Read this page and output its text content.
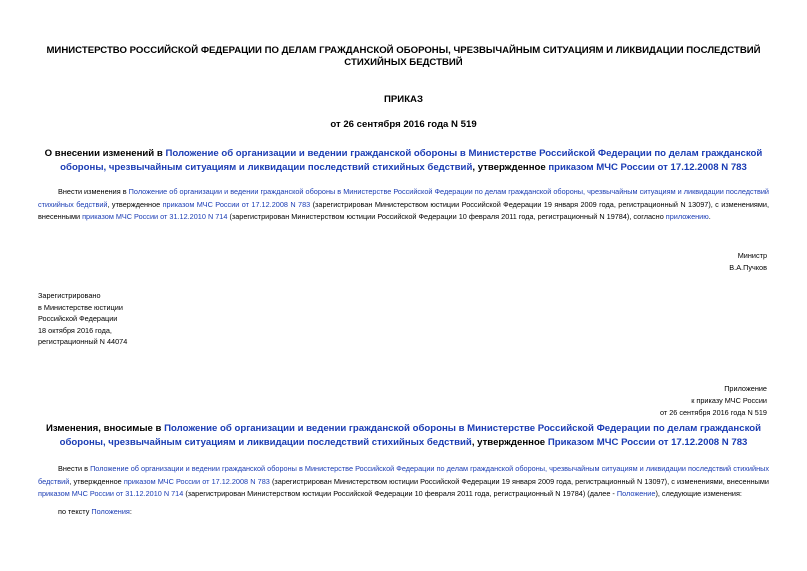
МИНИСТЕРСТВО РОССИЙСКОЙ ФЕДЕРАЦИИ ПО ДЕЛАМ ГРАЖДАНСКОЙ ОБОРОНЫ, ЧРЕЗВЫЧАЙНЫМ СИТУАЦИЯМ И ЛИКВИДАЦИИ ПОСЛЕДСТВИЙ СТИХИЙНЫХ БЕДСТВИЙ
ПРИКАЗ
от 26 сентября 2016 года N 519
О внесении изменений в Положение об организации и ведении гражданской обороны в Министерстве Российской Федерации по делам гражданской обороны, чрезвычайным ситуациям и ликвидации последствий стихийных бедствий, утвержденное приказом МЧС России от 17.12.2008 N 783
Внести изменения в Положение об организации и ведении гражданской обороны в Министерстве Российской Федерации по делам гражданской обороны, чрезвычайным ситуациям и ликвидации последствий стихийных бедствий, утвержденное приказом МЧС России от 17.12.2008 N 783 (зарегистрирован Министерством юстиции Российской Федерации 19 января 2009 года, регистрационный N 13097), с изменениями, внесенными приказом МЧС России от 31.12.2010 N 714 (зарегистрирован Министерством юстиции Российской Федерации 10 февраля 2011 года, регистрационный N 19784), согласно приложению.
Министр
В.А.Пучков
Зарегистрировано
в Министерстве юстиции
Российской Федерации
18 октября 2016 года,
регистрационный N 44074
Приложение
к приказу МЧС России
от 26 сентября 2016 года N 519
Изменения, вносимые в Положение об организации и ведении гражданской обороны в Министерстве Российской Федерации по делам гражданской обороны, чрезвычайным ситуациям и ликвидации последствий стихийных бедствий, утвержденное Приказом МЧС России от 17.12.2008 N 783
Внести в Положение об организации и ведении гражданской обороны в Министерстве Российской Федерации по делам гражданской обороны, чрезвычайным ситуациям и ликвидации последствий стихийных бедствий, утвержденное приказом МЧС России от 17.12.2008 N 783 (зарегистрирован Министерством юстиции Российской Федерации 19 января 2009 года, регистрационный N 13097), с изменениями, внесенными приказом МЧС России от 31.12.2010 N 714 (зарегистрирован Министерством юстиции Российской Федерации 10 февраля 2011 года, регистрационный N 19784) (далее - Положение), следующие изменения:
по тексту Положения:
